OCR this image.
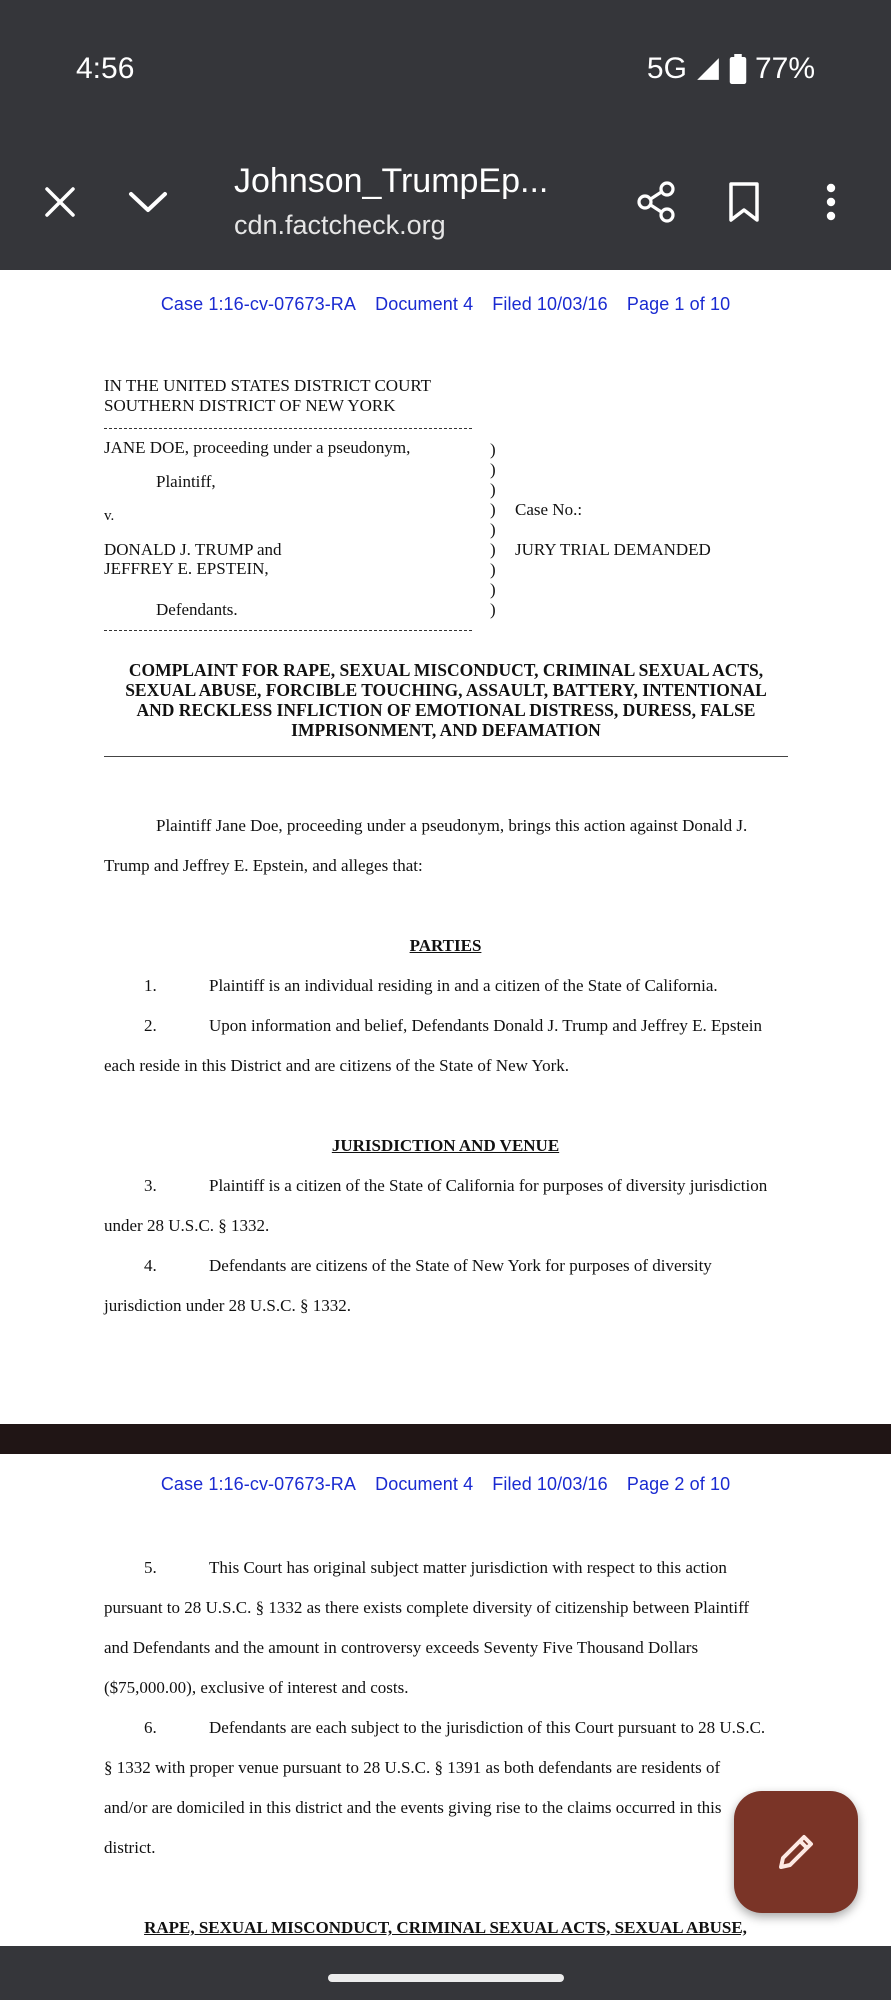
4:56	5G 77%
Johnson_TrumpEp...
cdn.factcheck.org
Case 1:16-cv-07673-RA Document 4 Filed 10/03/16 Page 1 of 10
IN THE UNITED STATES DISTRICT COURT
SOUTHERN DISTRICT OF NEW YORK
JANE DOE, proceeding under a pseudonym,
Plaintiff,
v.
DONALD J. TRUMP and
JEFFREY E. EPSTEIN,
Defendants.
)
)
)
)
)
)
)
)
)
Case No.:
JURY TRIAL DEMANDED
COMPLAINT FOR RAPE, SEXUAL MISCONDUCT, CRIMINAL SEXUAL ACTS,
SEXUAL ABUSE, FORCIBLE TOUCHING, ASSAULT, BATTERY, INTENTIONAL
AND RECKLESS INFLICTION OF EMOTIONAL DISTRESS, DURESS, FALSE
IMPRISONMENT, AND DEFAMATION
Plaintiff Jane Doe, proceeding under a pseudonym, brings this action against Donald J.
Trump and Jeffrey E. Epstein, and alleges that:
PARTIES
1.	Plaintiff is an individual residing in and a citizen of the State of California.
2.	Upon information and belief, Defendants Donald J. Trump and Jeffrey E. Epstein
each reside in this District and are citizens of the State of New York.
JURISDICTION AND VENUE
3.	Plaintiff is a citizen of the State of California for purposes of diversity jurisdiction
under 28 U.S.C. § 1332.
4.	Defendants are citizens of the State of New York for purposes of diversity
jurisdiction under 28 U.S.C. § 1332.
Case 1:16-cv-07673-RA Document 4 Filed 10/03/16 Page 2 of 10
5.	This Court has original subject matter jurisdiction with respect to this action
pursuant to 28 U.S.C. § 1332 as there exists complete diversity of citizenship between Plaintiff
and Defendants and the amount in controversy exceeds Seventy Five Thousand Dollars
($75,000.00), exclusive of interest and costs.
6.	Defendants are each subject to the jurisdiction of this Court pursuant to 28 U.S.C.
§ 1332 with proper venue pursuant to 28 U.S.C. § 1391 as both defendants are residents of
and/or are domiciled in this district and the events giving rise to the claims occurred in this
district.
RAPE, SEXUAL MISCONDUCT, CRIMINAL SEXUAL ACTS, SEXUAL ABUSE,
